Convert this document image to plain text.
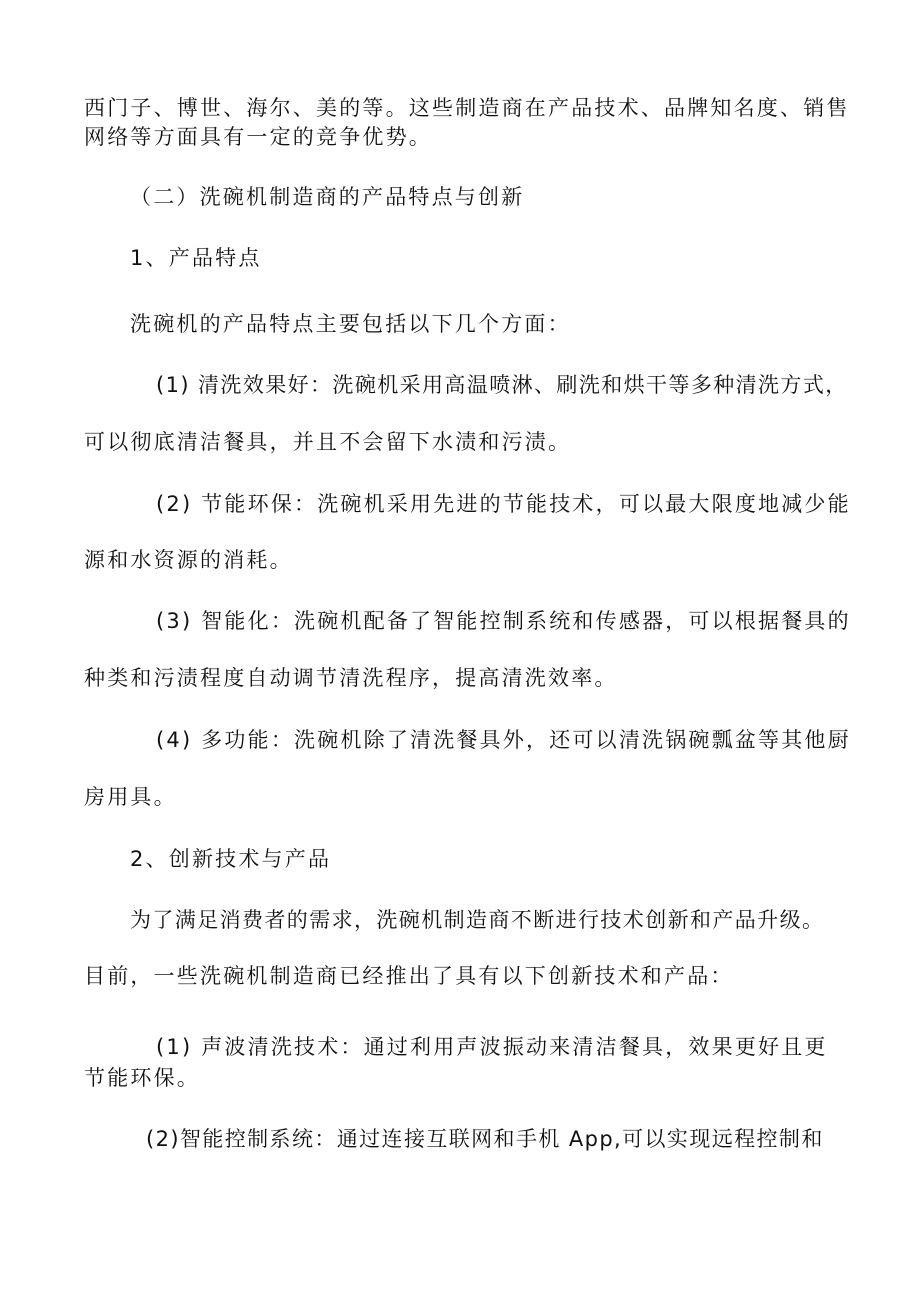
西门子、博世、海尔、美的等。这些制造商在产品技术、品牌知名度、销售
网络等方面具有一定的竞争优势。
（二）洗碗机制造商的产品特点与创新
1、产品特点
洗碗机的产品特点主要包括以下几个方面：
(1) 清洗效果好：洗碗机采用高温喷淋、刷洗和烘干等多种清洗方式，
可以彻底清洁餐具，并且不会留下水渍和污渍。
(2) 节能环保：洗碗机采用先进的节能技术，可以最大限度地减少能
源和水资源的消耗。
(3) 智能化：洗碗机配备了智能控制系统和传感器，可以根据餐具的
种类和污渍程度自动调节清洗程序，提高清洗效率。
(4) 多功能：洗碗机除了清洗餐具外，还可以清洗锅碗瓢盆等其他厨
房用具。
2、创新技术与产品
为了满足消费者的需求，洗碗机制造商不断进行技术创新和产品升级。
目前，一些洗碗机制造商已经推出了具有以下创新技术和产品：
(1) 声波清洗技术：通过利用声波振动来清洁餐具，效果更好且更
节能环保。
(2)智能控制系统：通过连接互联网和手机 App,可以实现远程控制和
